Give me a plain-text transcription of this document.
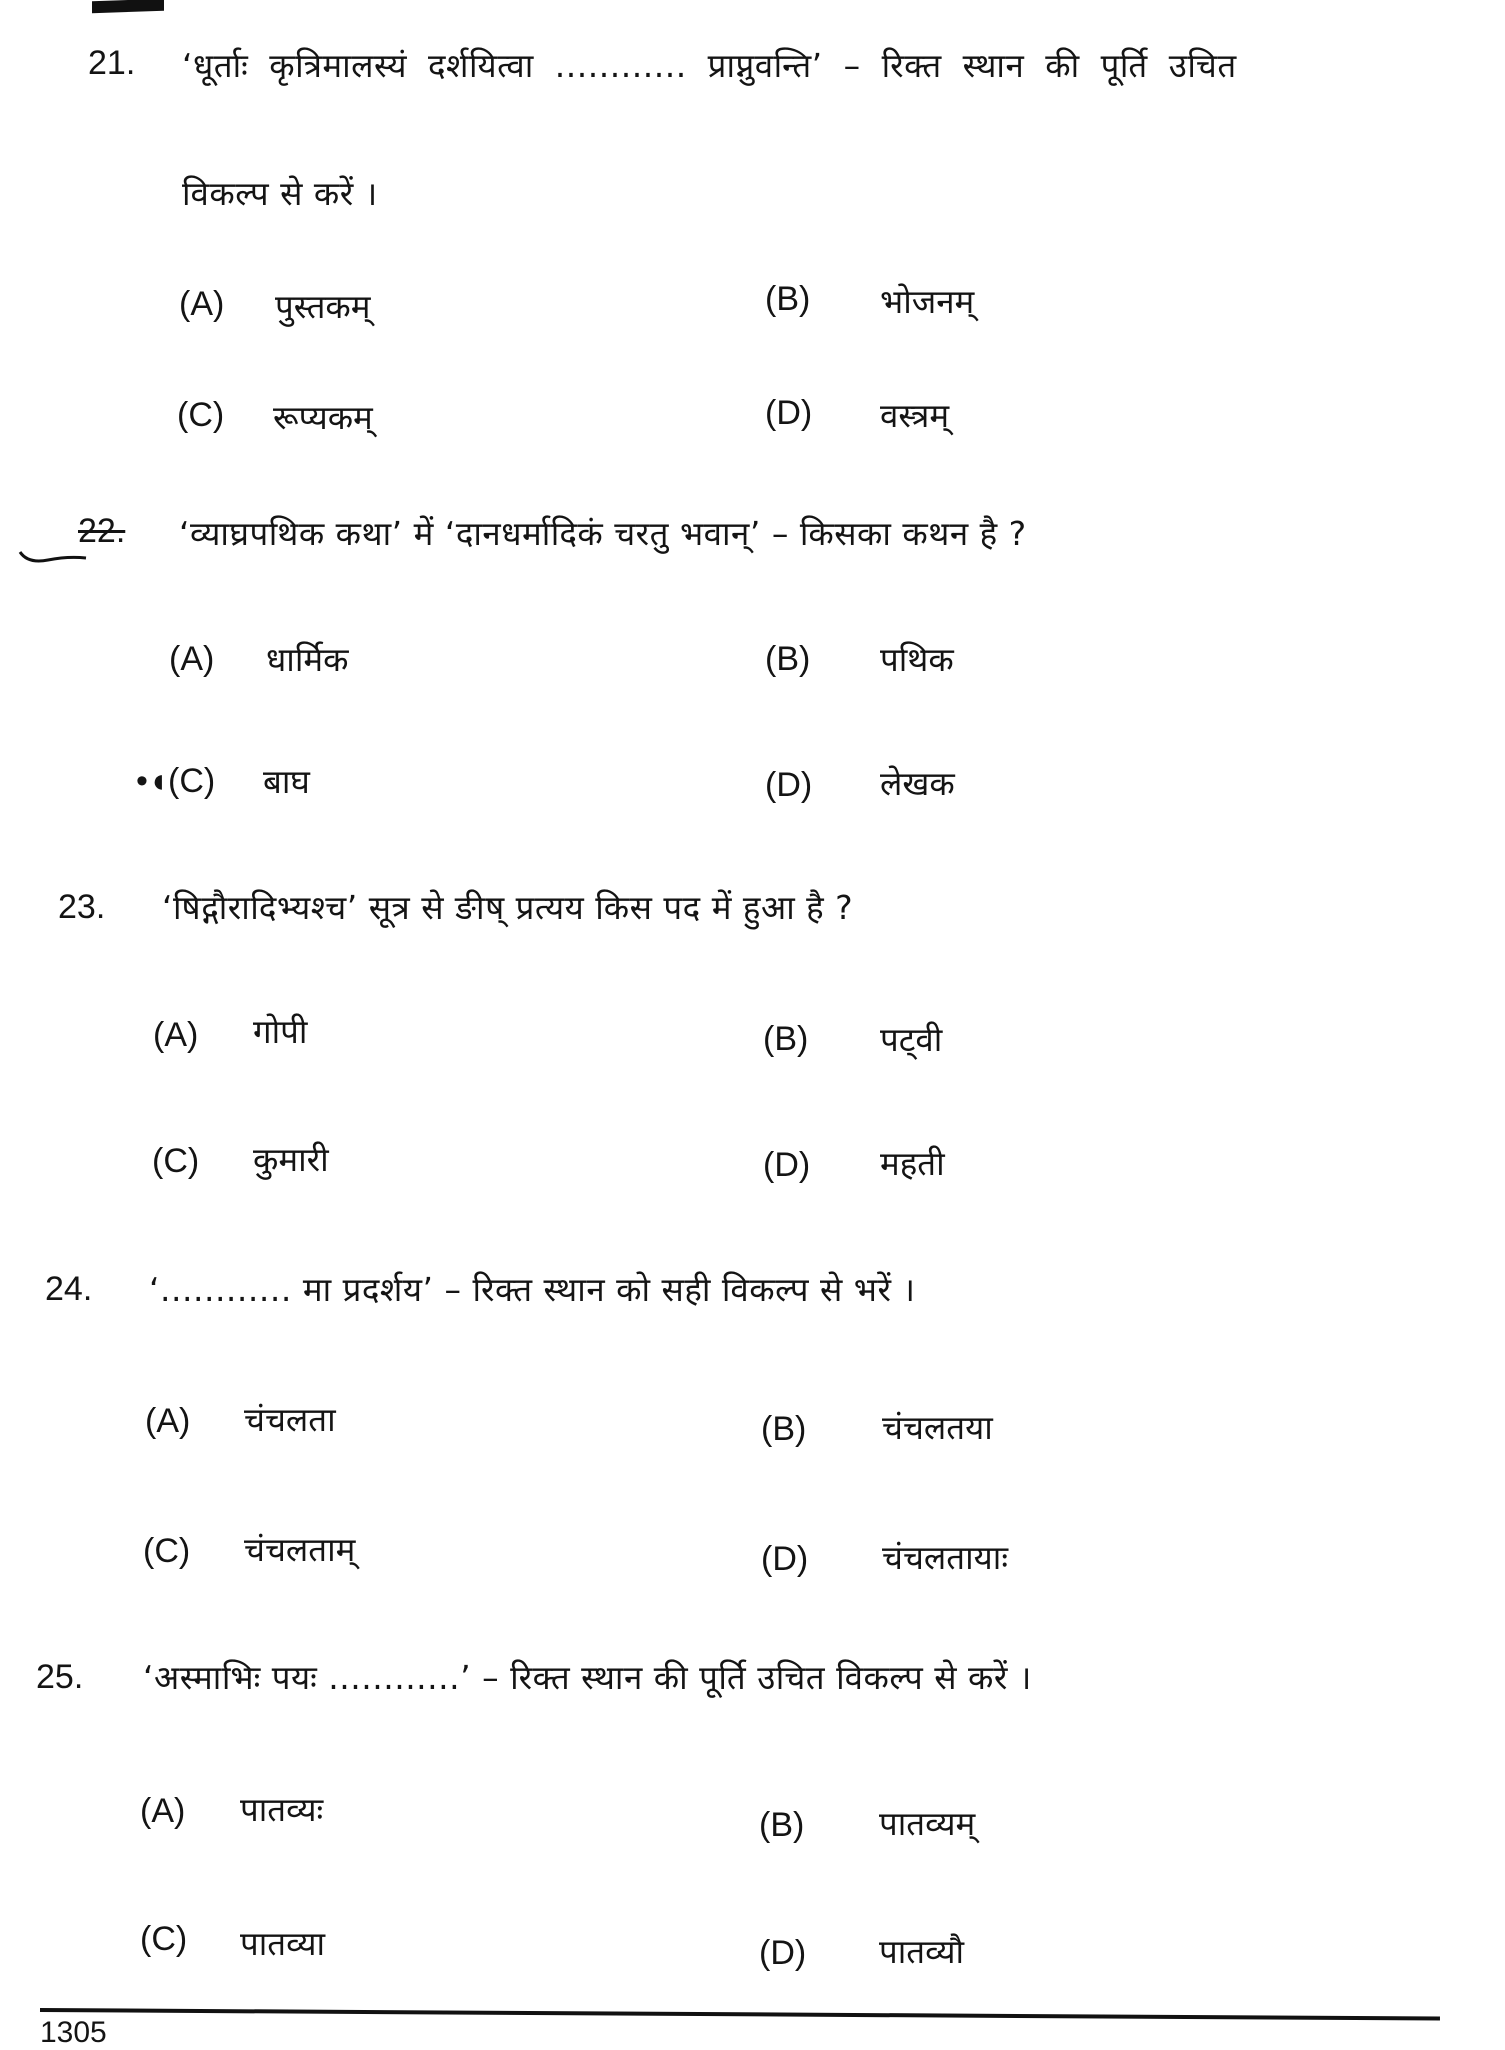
21. ‘धूर्ताः कृत्रिमालस्यं दर्शयित्वा ............ प्राप्नुवन्ति’ – रिक्त स्थान की पूर्ति उचित
विकल्प से करें ।
(A) पुस्तकम्	(B) भोजनम्
(C) रूप्यकम्	(D) वस्त्रम्
22. ‘व्याघ्रपथिक कथा’ में ‘दानधर्मादिकं चरतु भवान्’ – किसका कथन है ?
(A) धार्मिक	(B) पथिक
•◖ (C) बाघ	(D) लेखक
23. ‘षिद्गौरादिभ्यश्च’ सूत्र से ङीष् प्रत्यय किस पद में हुआ है ?
(A) गोपी	(B) पट्वी
(C) कुमारी	(D) महती
24. ‘............ मा प्रदर्शय’ – रिक्त स्थान को सही विकल्प से भरें ।
(A) चंचलता	(B) चंचलतया
(C) चंचलताम्	(D) चंचलतायाः
25. ‘अस्माभिः पयः ............’ – रिक्त स्थान की पूर्ति उचित विकल्प से करें ।
(A) पातव्यः	(B) पातव्यम्
(C) पातव्या	(D) पातव्यौ
1305
